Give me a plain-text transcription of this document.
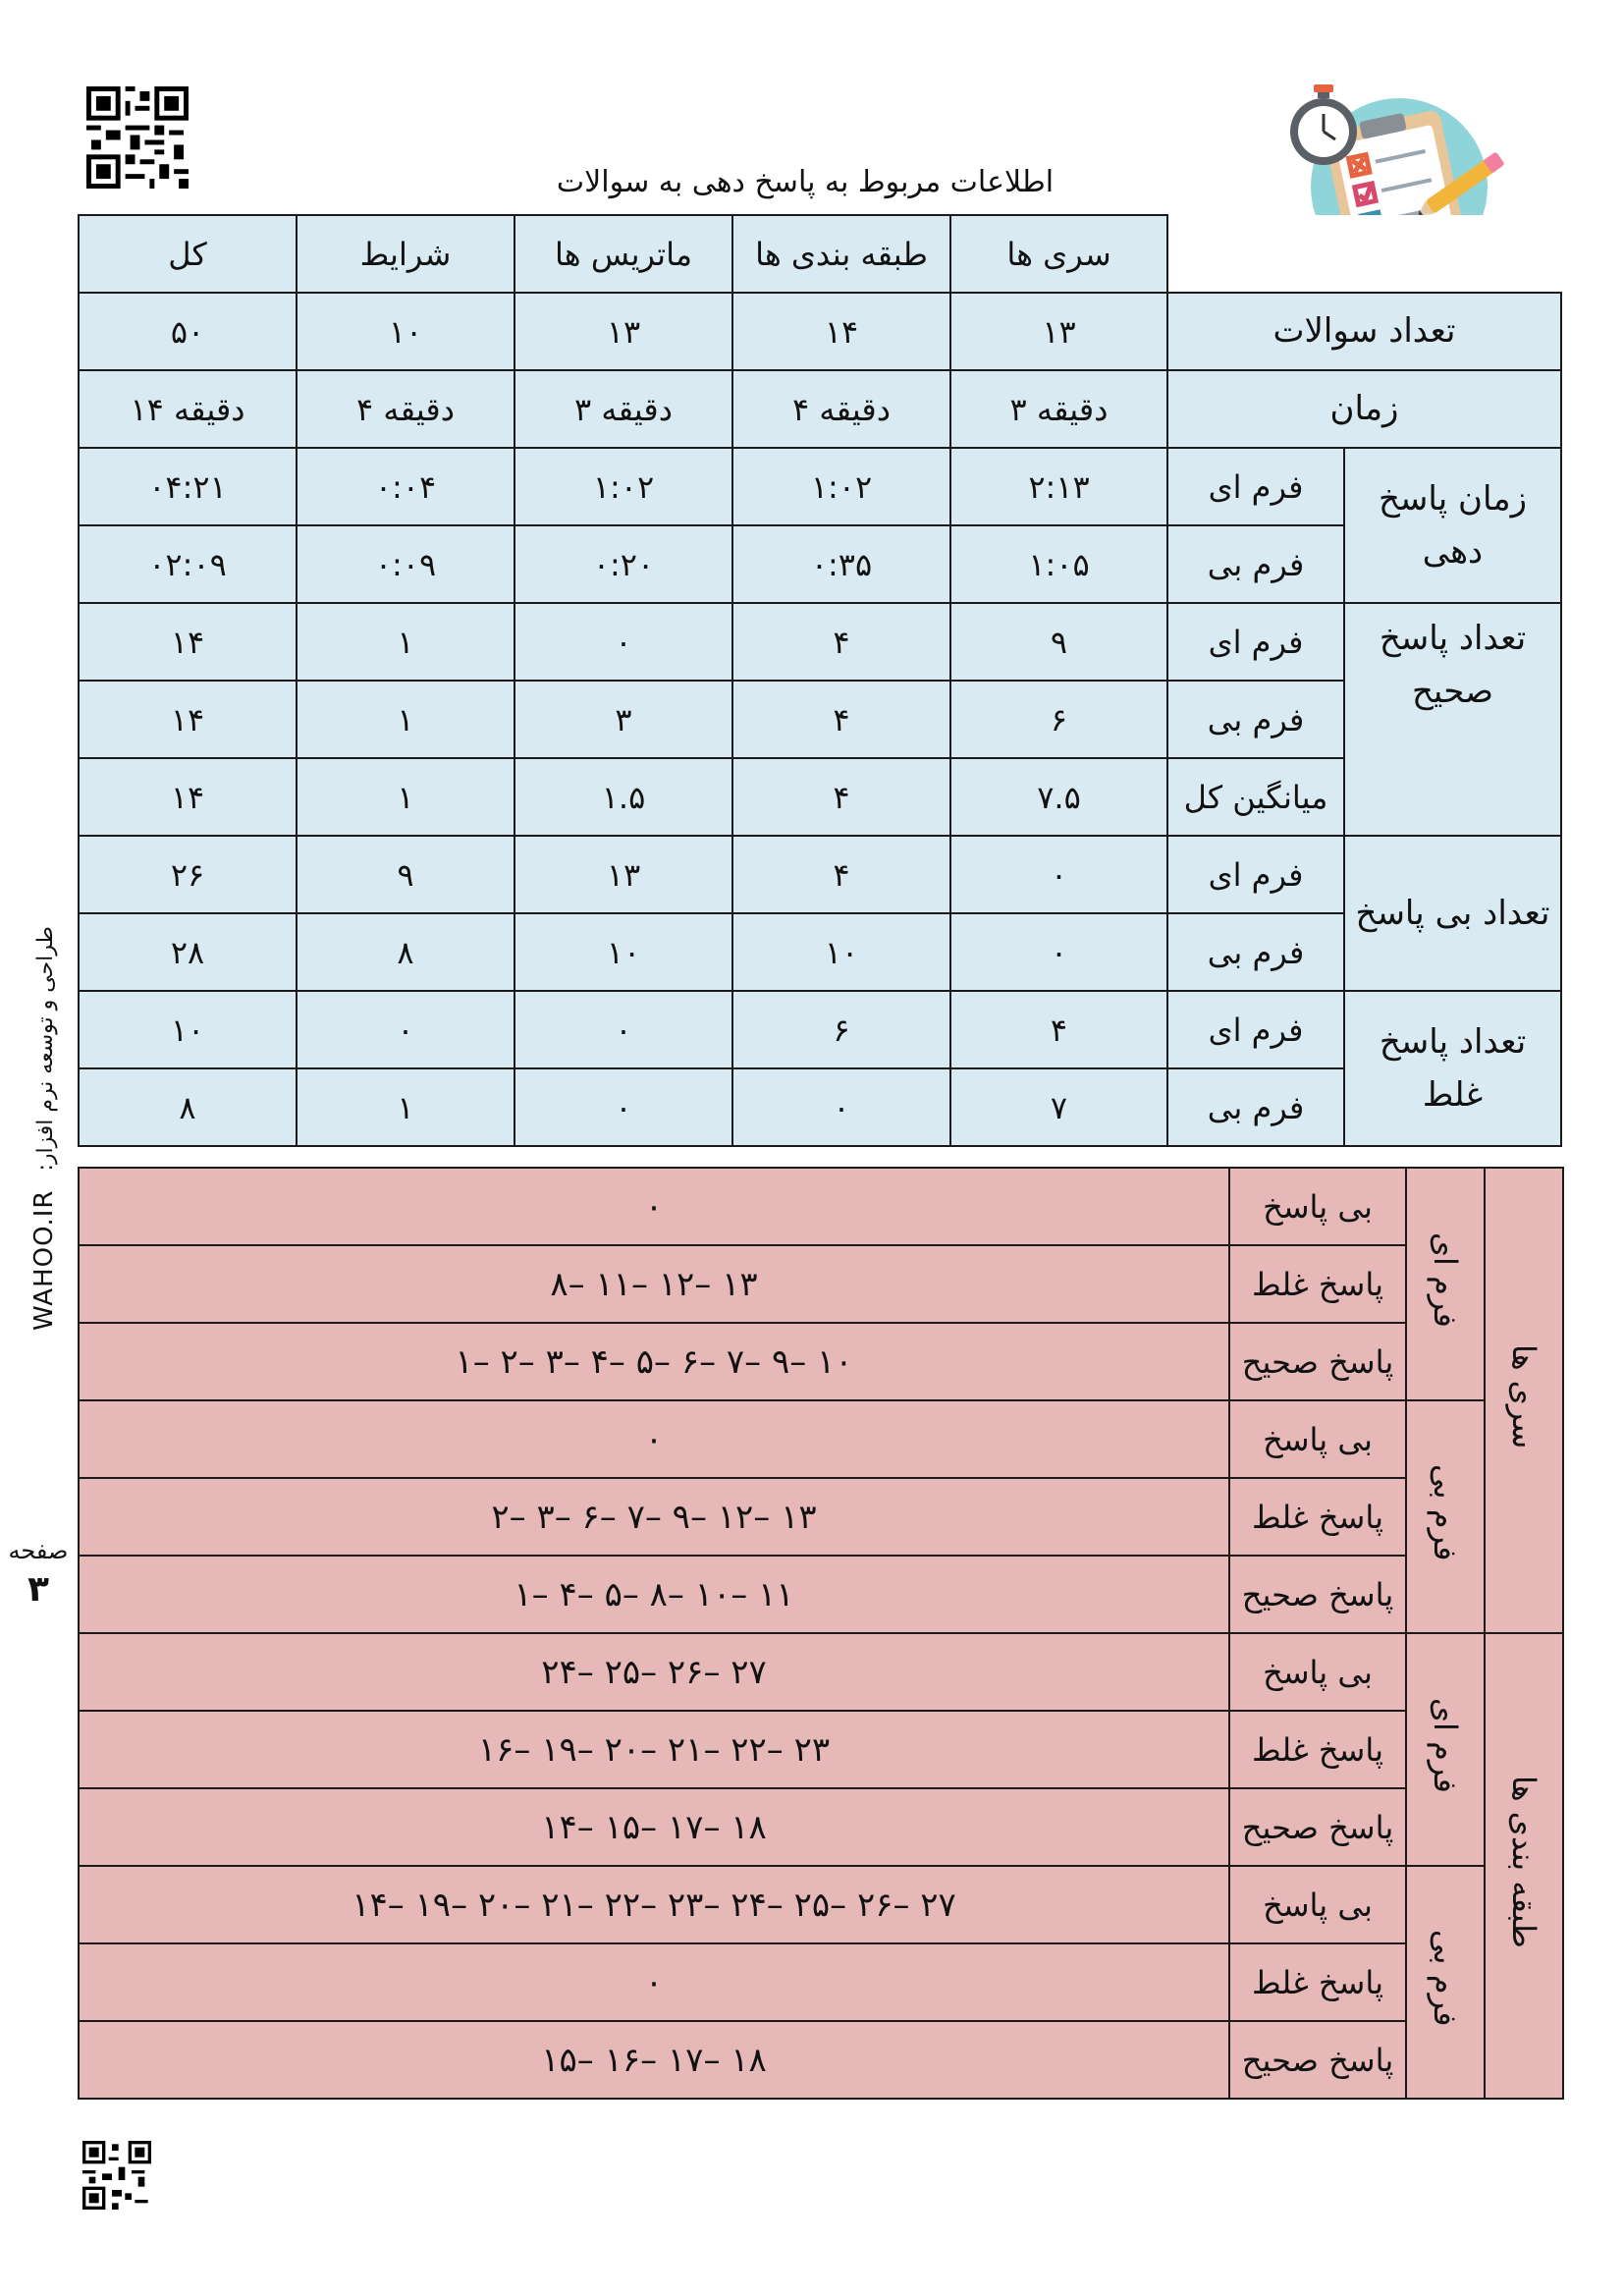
اطلاعات مربوط به پاسخ دهی به سوالات
WAHOO.IR طراحی و توسعه نرم افزار:
صفحه
۳
		سری ها	طبقه بندی ها	ماتریس ها	شرایط	کل
تعداد سوالات		۱۳	۱۴	۱۳	۱۰	۵۰
زمان		دقیقه ۳	دقیقه ۴	دقیقه ۳	دقیقه ۴	دقیقه ۱۴
زمان پاسخ دهی	فرم ای	۲:۱۳	۱:۰۲	۱:۰۲	۰:۰۴	۰۴:۲۱
	فرم بی	۱:۰۵	۰:۳۵	۰:۲۰	۰:۰۹	۰۲:۰۹
تعداد پاسخ صحیح	فرم ای	۹	۴	۰	۱	۱۴
	فرم بی	۶	۴	۳	۱	۱۴
	میانگین کل	۷.۵	۴	۱.۵	۱	۱۴
تعداد بی پاسخ	فرم ای	۰	۴	۱۳	۹	۲۶
	فرم بی	۰	۱۰	۱۰	۸	۲۸
تعداد پاسخ غلط	فرم ای	۴	۶	۰	۰	۱۰
	فرم بی	۷	۰	۰	۱	۸
سری ها	فرم ای	بی پاسخ	۰
		پاسخ غلط	۱۳ –۱۲ –۱۱ –۸
		پاسخ صحیح	۱۰ –۹ –۷ –۶ –۵ –۴ –۳ –۲ –۱
	فرم بی	بی پاسخ	۰
		پاسخ غلط	۱۳ –۱۲ –۹ –۷ –۶ –۳ –۲
		پاسخ صحیح	۱۱ –۱۰ –۸ –۵ –۴ –۱
طبقه بندی ها	فرم ای	بی پاسخ	۲۷ –۲۶ –۲۵ –۲۴
		پاسخ غلط	۲۳ –۲۲ –۲۱ –۲۰ –۱۹ –۱۶
		پاسخ صحیح	۱۸ –۱۷ –۱۵ –۱۴
	فرم بی	بی پاسخ	۲۷ –۲۶ –۲۵ –۲۴ –۲۳ –۲۲ –۲۱ –۲۰ –۱۹ –۱۴
		پاسخ غلط	۰
		پاسخ صحیح	۱۸ –۱۷ –۱۶ –۱۵
